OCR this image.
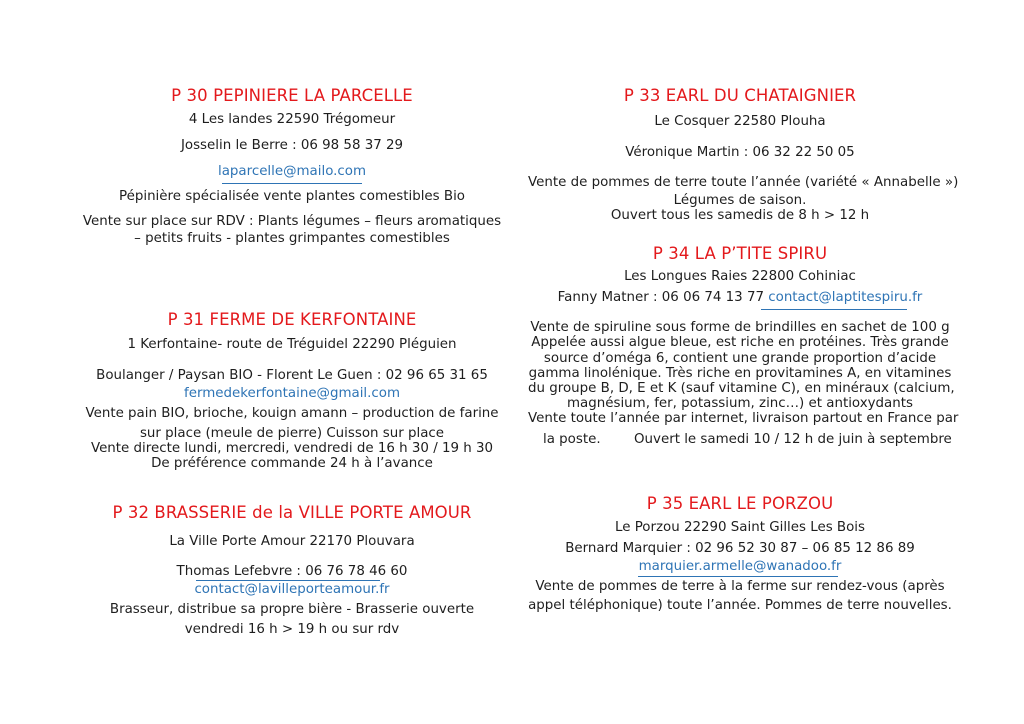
P 30 PEPINIERE LA PARCELLE
4 Les landes 22590 Trégomeur
Josselin le Berre : 06 98 58 37 29
laparcelle@mailo.com
Pépinière spécialisée vente plantes comestibles Bio
Vente sur place sur RDV : Plants légumes – fleurs aromatiques
– petits fruits - plantes grimpantes comestibles
P 31 FERME DE KERFONTAINE
1 Kerfontaine- route de Tréguidel 22290 Pléguien
Boulanger / Paysan BIO - Florent Le Guen : 02 96 65 31 65
fermedekerfontaine@gmail.com
Vente pain BIO, brioche, kouign amann – production de farine
sur place (meule de pierre) Cuisson sur place
Vente directe lundi, mercredi, vendredi de 16 h 30 / 19 h 30
De préférence commande 24 h à l’avance
P 32 BRASSERIE de la VILLE PORTE AMOUR
La Ville Porte Amour 22170 Plouvara
Thomas Lefebvre : 06 76 78 46 60
contact@lavilleporteamour.fr
Brasseur, distribue sa propre bière - Brasserie ouverte
vendredi 16 h > 19 h ou sur rdv
P 33 EARL DU CHATAIGNIER
Le Cosquer 22580 Plouha
Véronique Martin : 06 32 22 50 05
Vente de pommes de terre toute l’année (variété « Annabelle »)
Légumes de saison.
Ouvert tous les samedis de 8 h > 12 h
P 34 LA P’TITE SPIRU
Les Longues Raies 22800 Cohiniac
Fanny Matner : 06 06 74 13 77 contact@laptitespiru.fr
Vente de spiruline sous forme de brindilles en sachet de 100 g
Appelée aussi algue bleue, est riche en protéines. Très grande
source d’oméga 6, contient une grande proportion d’acide
gamma linolénique. Très riche en provitamines A, en vitamines
du groupe B, D, E et K (sauf vitamine C), en minéraux (calcium,
magnésium, fer, potassium, zinc…) et antioxydants
Vente toute l’année par internet, livraison partout en France par
la poste. Ouvert le samedi 10 / 12 h de juin à septembre
P 35 EARL LE PORZOU
Le Porzou 22290 Saint Gilles Les Bois
Bernard Marquier : 02 96 52 30 87 – 06 85 12 86 89
marquier.armelle@wanadoo.fr
Vente de pommes de terre à la ferme sur rendez-vous (après
appel téléphonique) toute l’année. Pommes de terre nouvelles.
